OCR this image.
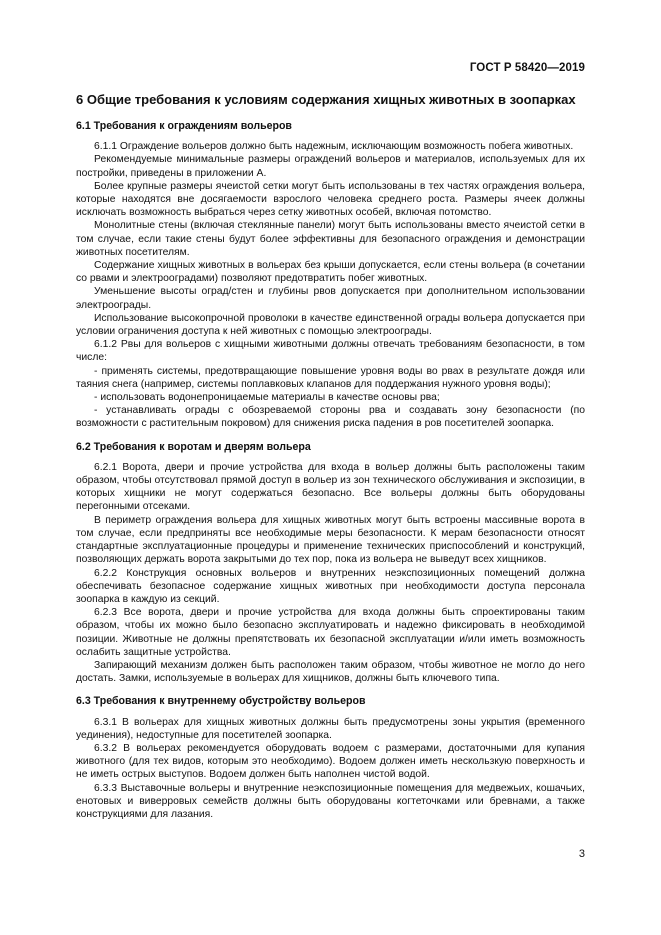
ГОСТ Р 58420—2019
6 Общие требования к условиям содержания хищных животных в зоопарках
6.1 Требования к ограждениям вольеров

6.1.1 Ограждение вольеров должно быть надежным, исключающим возможность побега животных.

Рекомендуемые минимальные размеры ограждений вольеров и материалов, используемых для их постройки, приведены в приложении А.

Более крупные размеры ячеистой сетки могут быть использованы в тех частях ограждения вольера, которые находятся вне досягаемости взрослого человека среднего роста. Размеры ячеек должны исключать возможность выбраться через сетку животных особей, включая потомство.

Монолитные стены (включая стеклянные панели) могут быть использованы вместо ячеистой сетки в том случае, если такие стены будут более эффективны для безопасного ограждения и демонстрации животных посетителям.

Содержание хищных животных в вольерах без крыши допускается, если стены вольера (в сочетании со рвами и электрооградами) позволяют предотвратить побег животных.

Уменьшение высоты оград/стен и глубины рвов допускается при дополнительном использовании электроограды.

Использование высокопрочной проволоки в качестве единственной ограды вольера допускается при условии ограничения доступа к ней животных с помощью электроограды.

6.1.2 Рвы для вольеров с хищными животными должны отвечать требованиям безопасности, в том числе:

- применять системы, предотвращающие повышение уровня воды во рвах в результате дождя или таяния снега (например, системы поплавковых клапанов для поддержания нужного уровня воды);

- использовать водонепроницаемые материалы в качестве основы рва;

- устанавливать ограды с обозреваемой стороны рва и создавать зону безопасности (по возможности с растительным покровом) для снижения риска падения в ров посетителей зоопарка.

6.2 Требования к воротам и дверям вольера

6.2.1 Ворота, двери и прочие устройства для входа в вольер должны быть расположены таким образом, чтобы отсутствовал прямой доступ в вольер из зон технического обслуживания и экспозиции, в которых хищники не могут содержаться безопасно. Все вольеры должны быть оборудованы перегонными отсеками.

В периметр ограждения вольера для хищных животных могут быть встроены массивные ворота в том случае, если предприняты все необходимые меры безопасности. К мерам безопасности относят стандартные эксплуатационные процедуры и применение технических приспособлений и конструкций, позволяющих держать ворота закрытыми до тех пор, пока из вольера не выведут всех хищников.

6.2.2 Конструкция основных вольеров и внутренних неэкспозиционных помещений должна обеспечивать безопасное содержание хищных животных при необходимости доступа персонала зоопарка в каждую из секций.

6.2.3 Все ворота, двери и прочие устройства для входа должны быть спроектированы таким образом, чтобы их можно было безопасно эксплуатировать и надежно фиксировать в необходимой позиции. Животные не должны препятствовать их безопасной эксплуатации и/или иметь возможность ослабить защитные устройства.

Запирающий механизм должен быть расположен таким образом, чтобы животное не могло до него достать. Замки, используемые в вольерах для хищников, должны быть ключевого типа.

6.3 Требования к внутреннему обустройству вольеров

6.3.1 В вольерах для хищных животных должны быть предусмотрены зоны укрытия (временного уединения), недоступные для посетителей зоопарка.

6.3.2 В вольерах рекомендуется оборудовать водоем с размерами, достаточными для купания животного (для тех видов, которым это необходимо). Водоем должен иметь нескользкую поверхность и не иметь острых выступов. Водоем должен быть наполнен чистой водой.

6.3.3 Выставочные вольеры и внутренние неэкспозиционные помещения для медвежьих, кошачьих, енотовых и виверровых семейств должны быть оборудованы когтеточками или бревнами, а также конструкциями для лазания.

3
